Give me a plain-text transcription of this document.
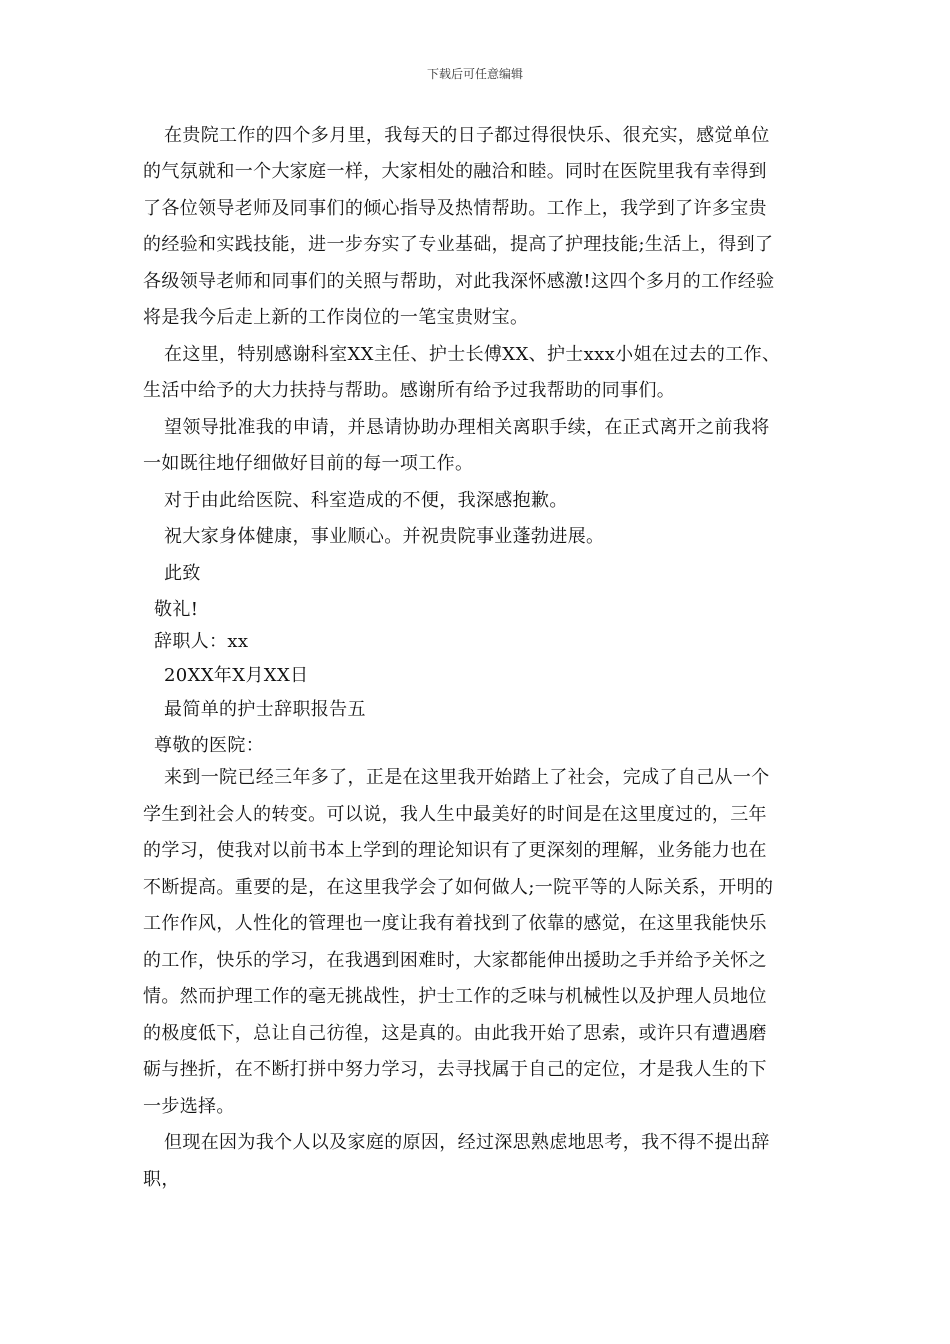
下载后可任意编辑
在贵院工作的四个多月里，我每天的日子都过得很快乐、很充实，感觉单位
的气氛就和一个大家庭一样，大家相处的融洽和睦。同时在医院里我有幸得到
了各位领导老师及同事们的倾心指导及热情帮助。工作上，我学到了许多宝贵
的经验和实践技能，进一步夯实了专业基础，提高了护理技能;生活上，得到了
各级领导老师和同事们的关照与帮助，对此我深怀感激!这四个多月的工作经验
将是我今后走上新的工作岗位的一笔宝贵财宝。
在这里，特别感谢科室XX主任、护士长傅XX、护士xxx小姐在过去的工作、
生活中给予的大力扶持与帮助。感谢所有给予过我帮助的同事们。
望领导批准我的申请，并恳请协助办理相关离职手续，在正式离开之前我将
一如既往地仔细做好目前的每一项工作。
对于由此给医院、科室造成的不便，我深感抱歉。
祝大家身体健康，事业顺心。并祝贵院事业蓬勃进展。
此致
敬礼!
辞职人：xx
20XX年X月XX日
最简单的护士辞职报告五
尊敬的医院：
来到一院已经三年多了，正是在这里我开始踏上了社会，完成了自己从一个
学生到社会人的转变。可以说，我人生中最美好的时间是在这里度过的，三年
的学习，使我对以前书本上学到的理论知识有了更深刻的理解，业务能力也在
不断提高。重要的是，在这里我学会了如何做人;一院平等的人际关系，开明的
工作作风，人性化的管理也一度让我有着找到了依靠的感觉，在这里我能快乐
的工作，快乐的学习，在我遇到困难时，大家都能伸出援助之手并给予关怀之
情。然而护理工作的毫无挑战性，护士工作的乏味与机械性以及护理人员地位
的极度低下，总让自己彷徨，这是真的。由此我开始了思索，或许只有遭遇磨
砺与挫折，在不断打拼中努力学习，去寻找属于自己的定位，才是我人生的下
一步选择。
但现在因为我个人以及家庭的原因，经过深思熟虑地思考，我不得不提出辞
职，
